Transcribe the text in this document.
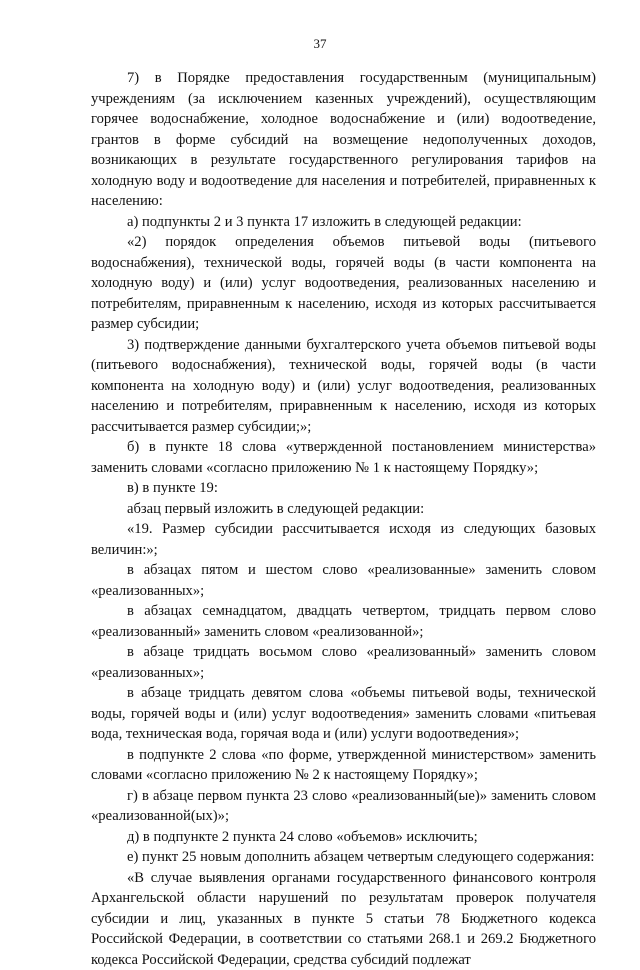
37

7) в Порядке предоставления государственным (муниципальным) учреждениям (за исключением казенных учреждений), осуществляющим горячее водоснабжение, холодное водоснабжение и (или) водоотведение, грантов в форме субсидий на возмещение недополученных доходов, возникающих в результате государственного регулирования тарифов на холодную воду и водоотведение для населения и потребителей, приравненных к населению:

а) подпункты 2 и 3 пункта 17 изложить в следующей редакции:

«2) порядок определения объемов питьевой воды (питьевого водоснабжения), технической воды, горячей воды (в части компонента на холодную воду) и (или) услуг водоотведения, реализованных населению и потребителям, приравненным к населению, исходя из которых рассчитывается размер субсидии;

3) подтверждение данными бухгалтерского учета объемов питьевой воды (питьевого водоснабжения), технической воды, горячей воды (в части компонента на холодную воду) и (или) услуг водоотведения, реализованных населению и потребителям, приравненным к населению, исходя из которых рассчитывается размер субсидии;»;

б) в пункте 18 слова «утвержденной постановлением министерства» заменить словами «согласно приложению № 1 к настоящему Порядку»;

в) в пункте 19:

абзац первый изложить в следующей редакции:

«19. Размер субсидии рассчитывается исходя из следующих базовых величин:»;

в абзацах пятом и шестом слово «реализованные» заменить словом «реализованных»;

в абзацах семнадцатом, двадцать четвертом, тридцать первом слово «реализованный» заменить словом «реализованной»;

в абзаце тридцать восьмом слово «реализованный» заменить словом «реализованных»;

в абзаце тридцать девятом слова «объемы питьевой воды, технической воды, горячей воды и (или) услуг водоотведения» заменить словами «питьевая вода, техническая вода, горячая вода и (или) услуги водоотведения»;

в подпункте 2 слова «по форме, утвержденной министерством» заменить словами «согласно приложению № 2 к настоящему Порядку»;

г) в абзаце первом пункта 23 слово «реализованный(ые)» заменить словом «реализованной(ых)»;

д) в подпункте 2 пункта 24 слово «объемов» исключить;

е) пункт 25 новым дополнить абзацем четвертым следующего содержания:

«В случае выявления органами государственного финансового контроля Архангельской области нарушений по результатам проверок получателя субсидии и лиц, указанных в пункте 5 статьи 78 Бюджетного кодекса Российской Федерации, в соответствии со статьями 268.1 и 269.2 Бюджетного кодекса Российской Федерации, средства субсидий подлежат
